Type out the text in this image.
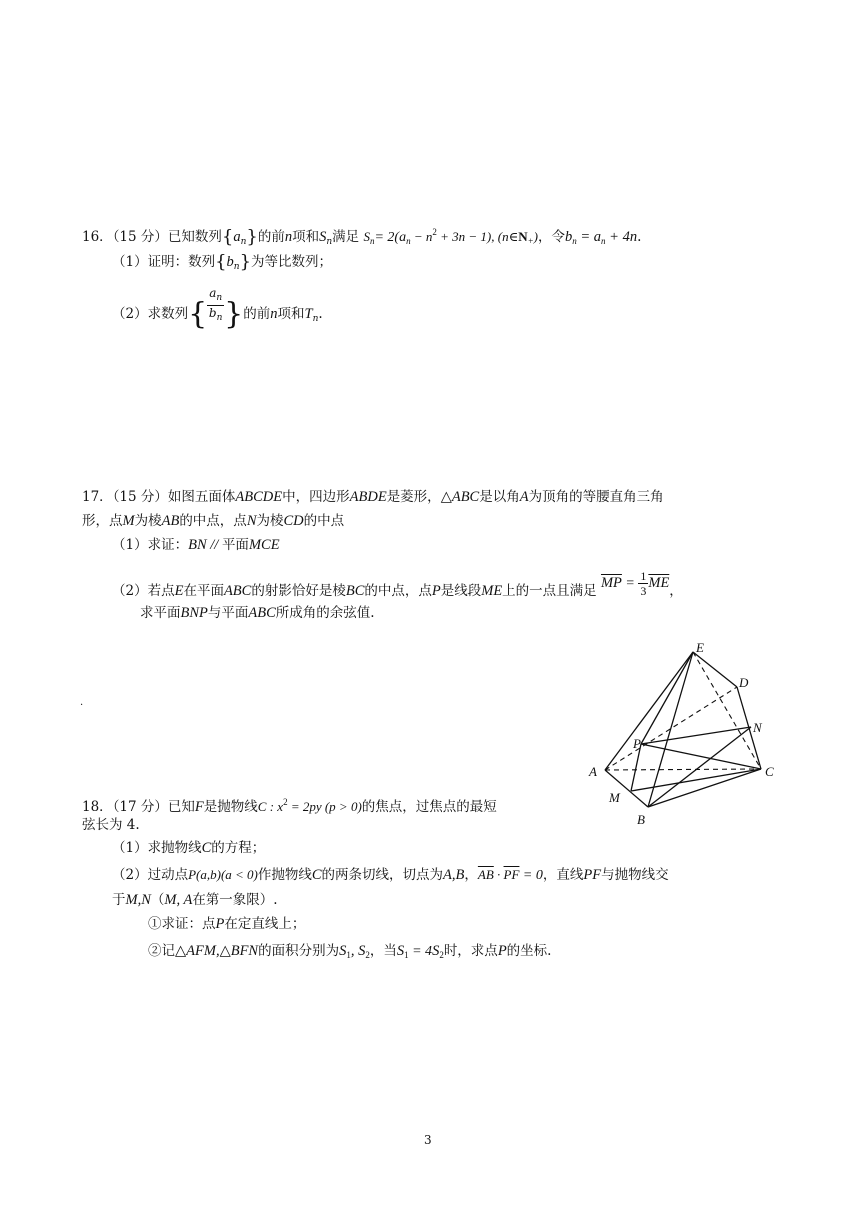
16．（15 分）已知数列$\{a_n\}$的前n项和$S_n$满足 $S_n= 2(a_n - n^2 + 3n - 1)$, $(n\in N_+)$，令$b_n = a_n + 4n$.
（1）证明：数列$\{b_n\}$为等比数列；
（2）求数列{ $\frac{a_n}{b_n}$ }的前n项和$T_n$.
17．（15 分）如图五面体ABCDE中，四边形ABDE是菱形，△ABC是以角A为顶角的等腰直角三角
形，点M为棱AB的中点，点N为棱CD的中点
（1）求证：BN // 平面MCE
（2）若点E在平面ABC的射影恰好是棱BC的中点，点P是线段ME上的一点且满足 $\overline{MP} = \frac{1}{3} \overline{ME}$，
求平面BNP与平面ABC所成角的余弦值.
.
E
D
N
P
A	C
M
B
18．（17 分）已知F是抛物线C : $x^2 = 2py$ (p > 0)的焦点，过焦点的最短
弦长为 4.
（1）求抛物线C的方程；
（2）过动点P(a,b)(a < 0)作抛物线C的两条切线，切点为A,B，$\overline{AB} \cdot \overline{PF} = 0$，直线PF与抛物线交
于M,N（M, A在第一象限）.
①求证：点P在定直线上；
②记△AFM,△BFN的面积分别为$S_1$, $S_2$，当$S_1 = 4S_2$时，求点P的坐标.
3
